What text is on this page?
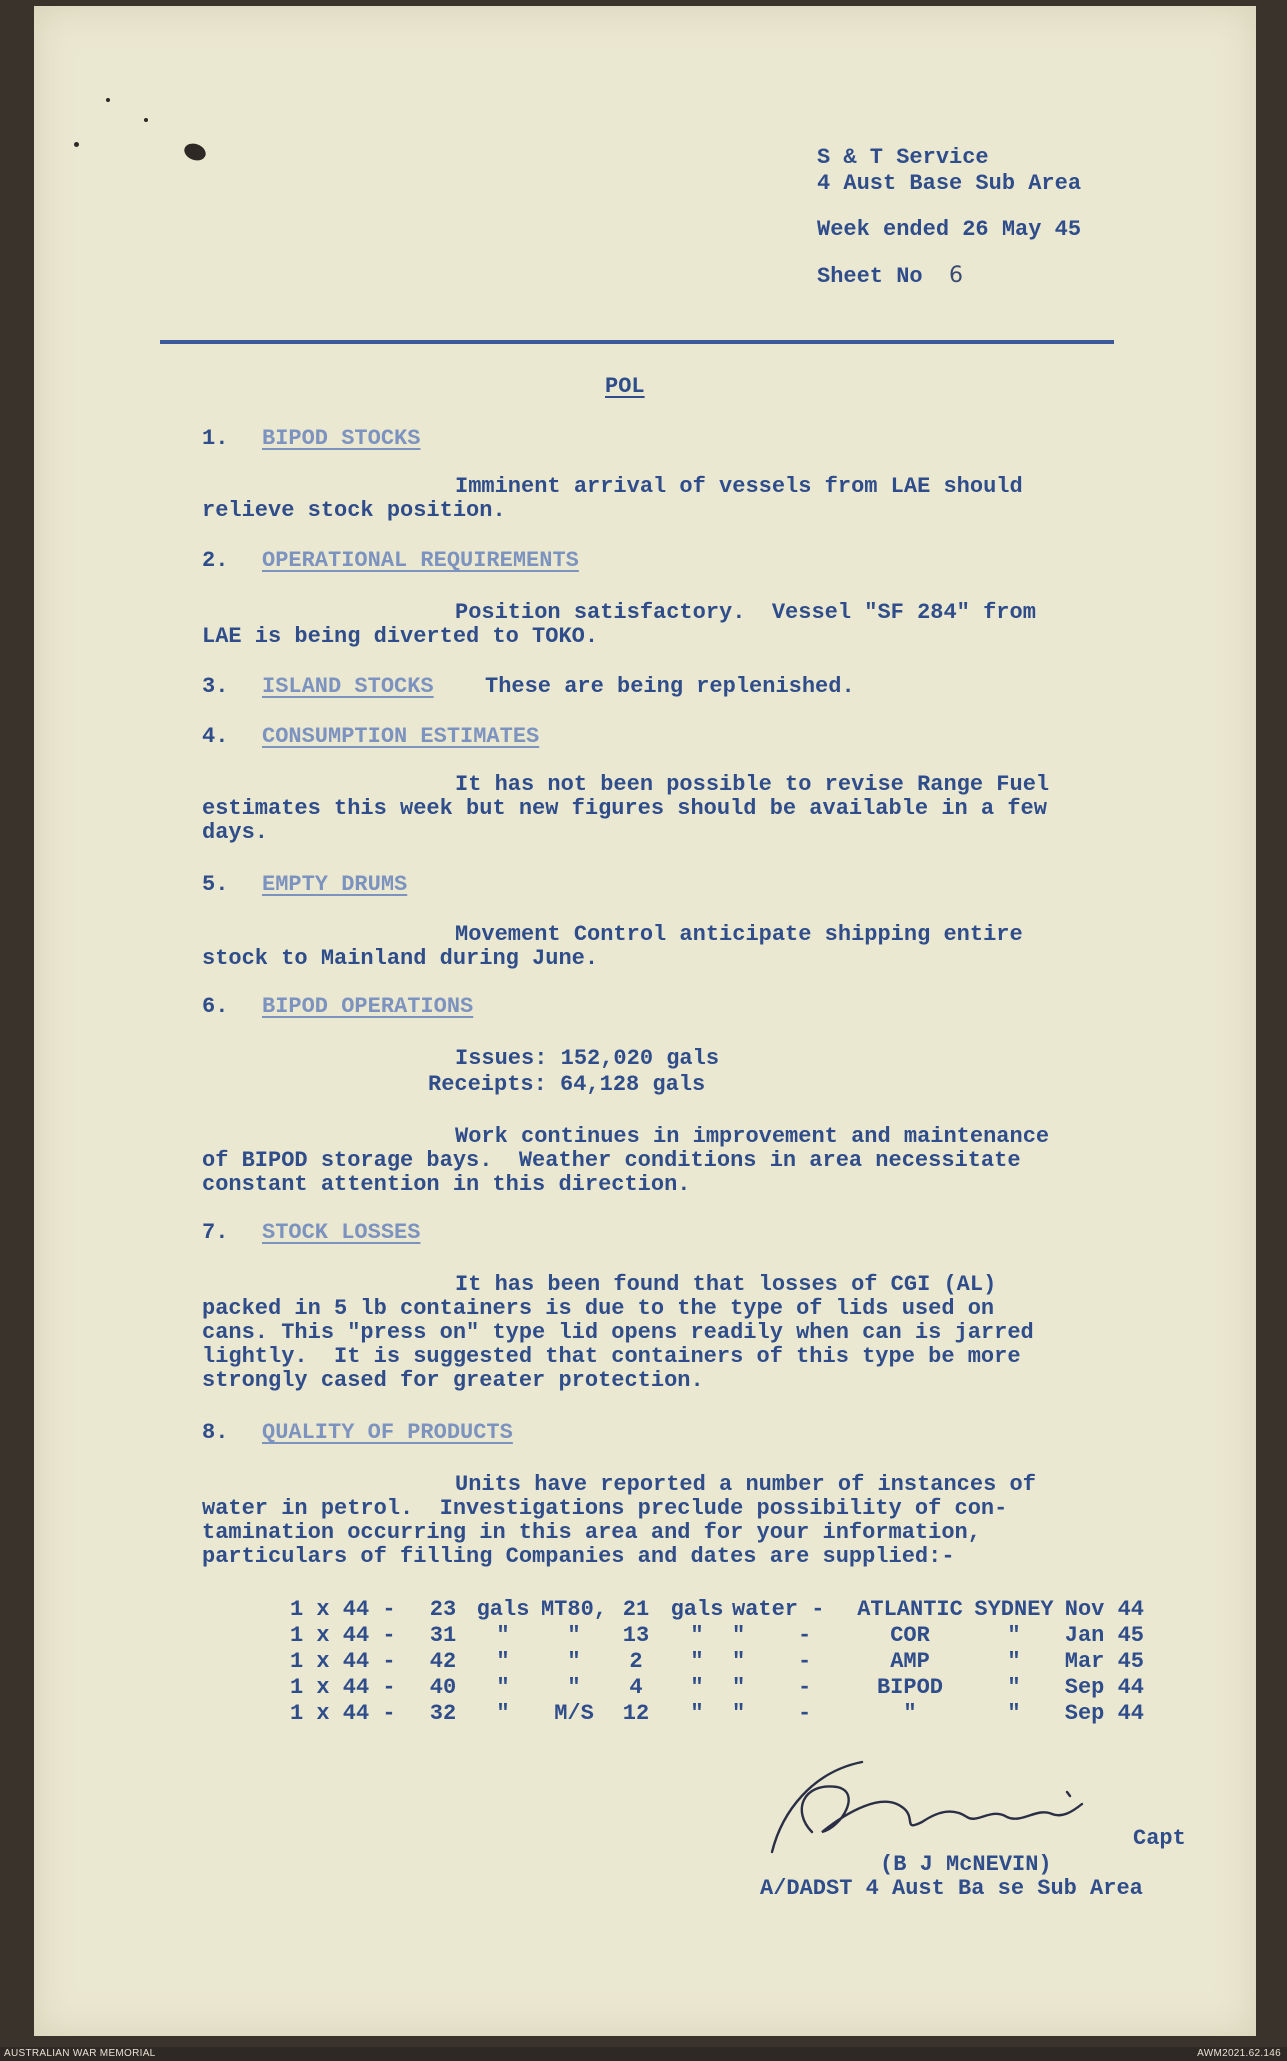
S & T Service
4 Aust Base Sub Area
Week ended 26 May 45
Sheet No 6
POL
1. BIPOD STOCKS
Imminent arrival of vessels from LAE should
relieve stock position.
2. OPERATIONAL REQUIREMENTS
Position satisfactory.  Vessel "SF 284" from
LAE is being diverted to TOKO.
3. ISLAND STOCKS These are being replenished.
4. CONSUMPTION ESTIMATES
It has not been possible to revise Range Fuel
estimates this week but new figures should be available in a few
days.
5. EMPTY DRUMS
Movement Control anticipate shipping entire
stock to Mainland during June.
6. BIPOD OPERATIONS
Issues: 152,020 gals
Receipts: 64,128 gals
Work continues in improvement and maintenance
of BIPOD storage bays.  Weather conditions in area necessitate
constant attention in this direction.
7. STOCK LOSSES
It has been found that losses of CGI (AL)
packed in 5 lb containers is due to the type of lids used on
cans. This "press on" type lid opens readily when can is jarred
lightly.  It is suggested that containers of this type be more
strongly cased for greater protection.
8. QUALITY OF PRODUCTS
Units have reported a number of instances of
water in petrol.  Investigations preclude possibility of con-
tamination occurring in this area and for your information,
particulars of filling Companies and dates are supplied:-
1 x 44 -	23	gals	MT80,	21	gals	water -	ATLANTIC	SYDNEY	Nov 44
1 x 44 -	31	"	"	13	"	"    -	COR	"	Jan 45
1 x 44 -	42	"	"	2	"	"    -	AMP	"	Mar 45
1 x 44 -	40	"	"	4	"	"    -	BIPOD	"	Sep 44
1 x 44 -	32	"	M/S	12	"	"    -	"	"	Sep 44
Capt
(B J McNEVIN)
A/DADST 4 Aust Ba se Sub Area
AUSTRALIAN WAR MEMORIAL	AWM2021.62.146
